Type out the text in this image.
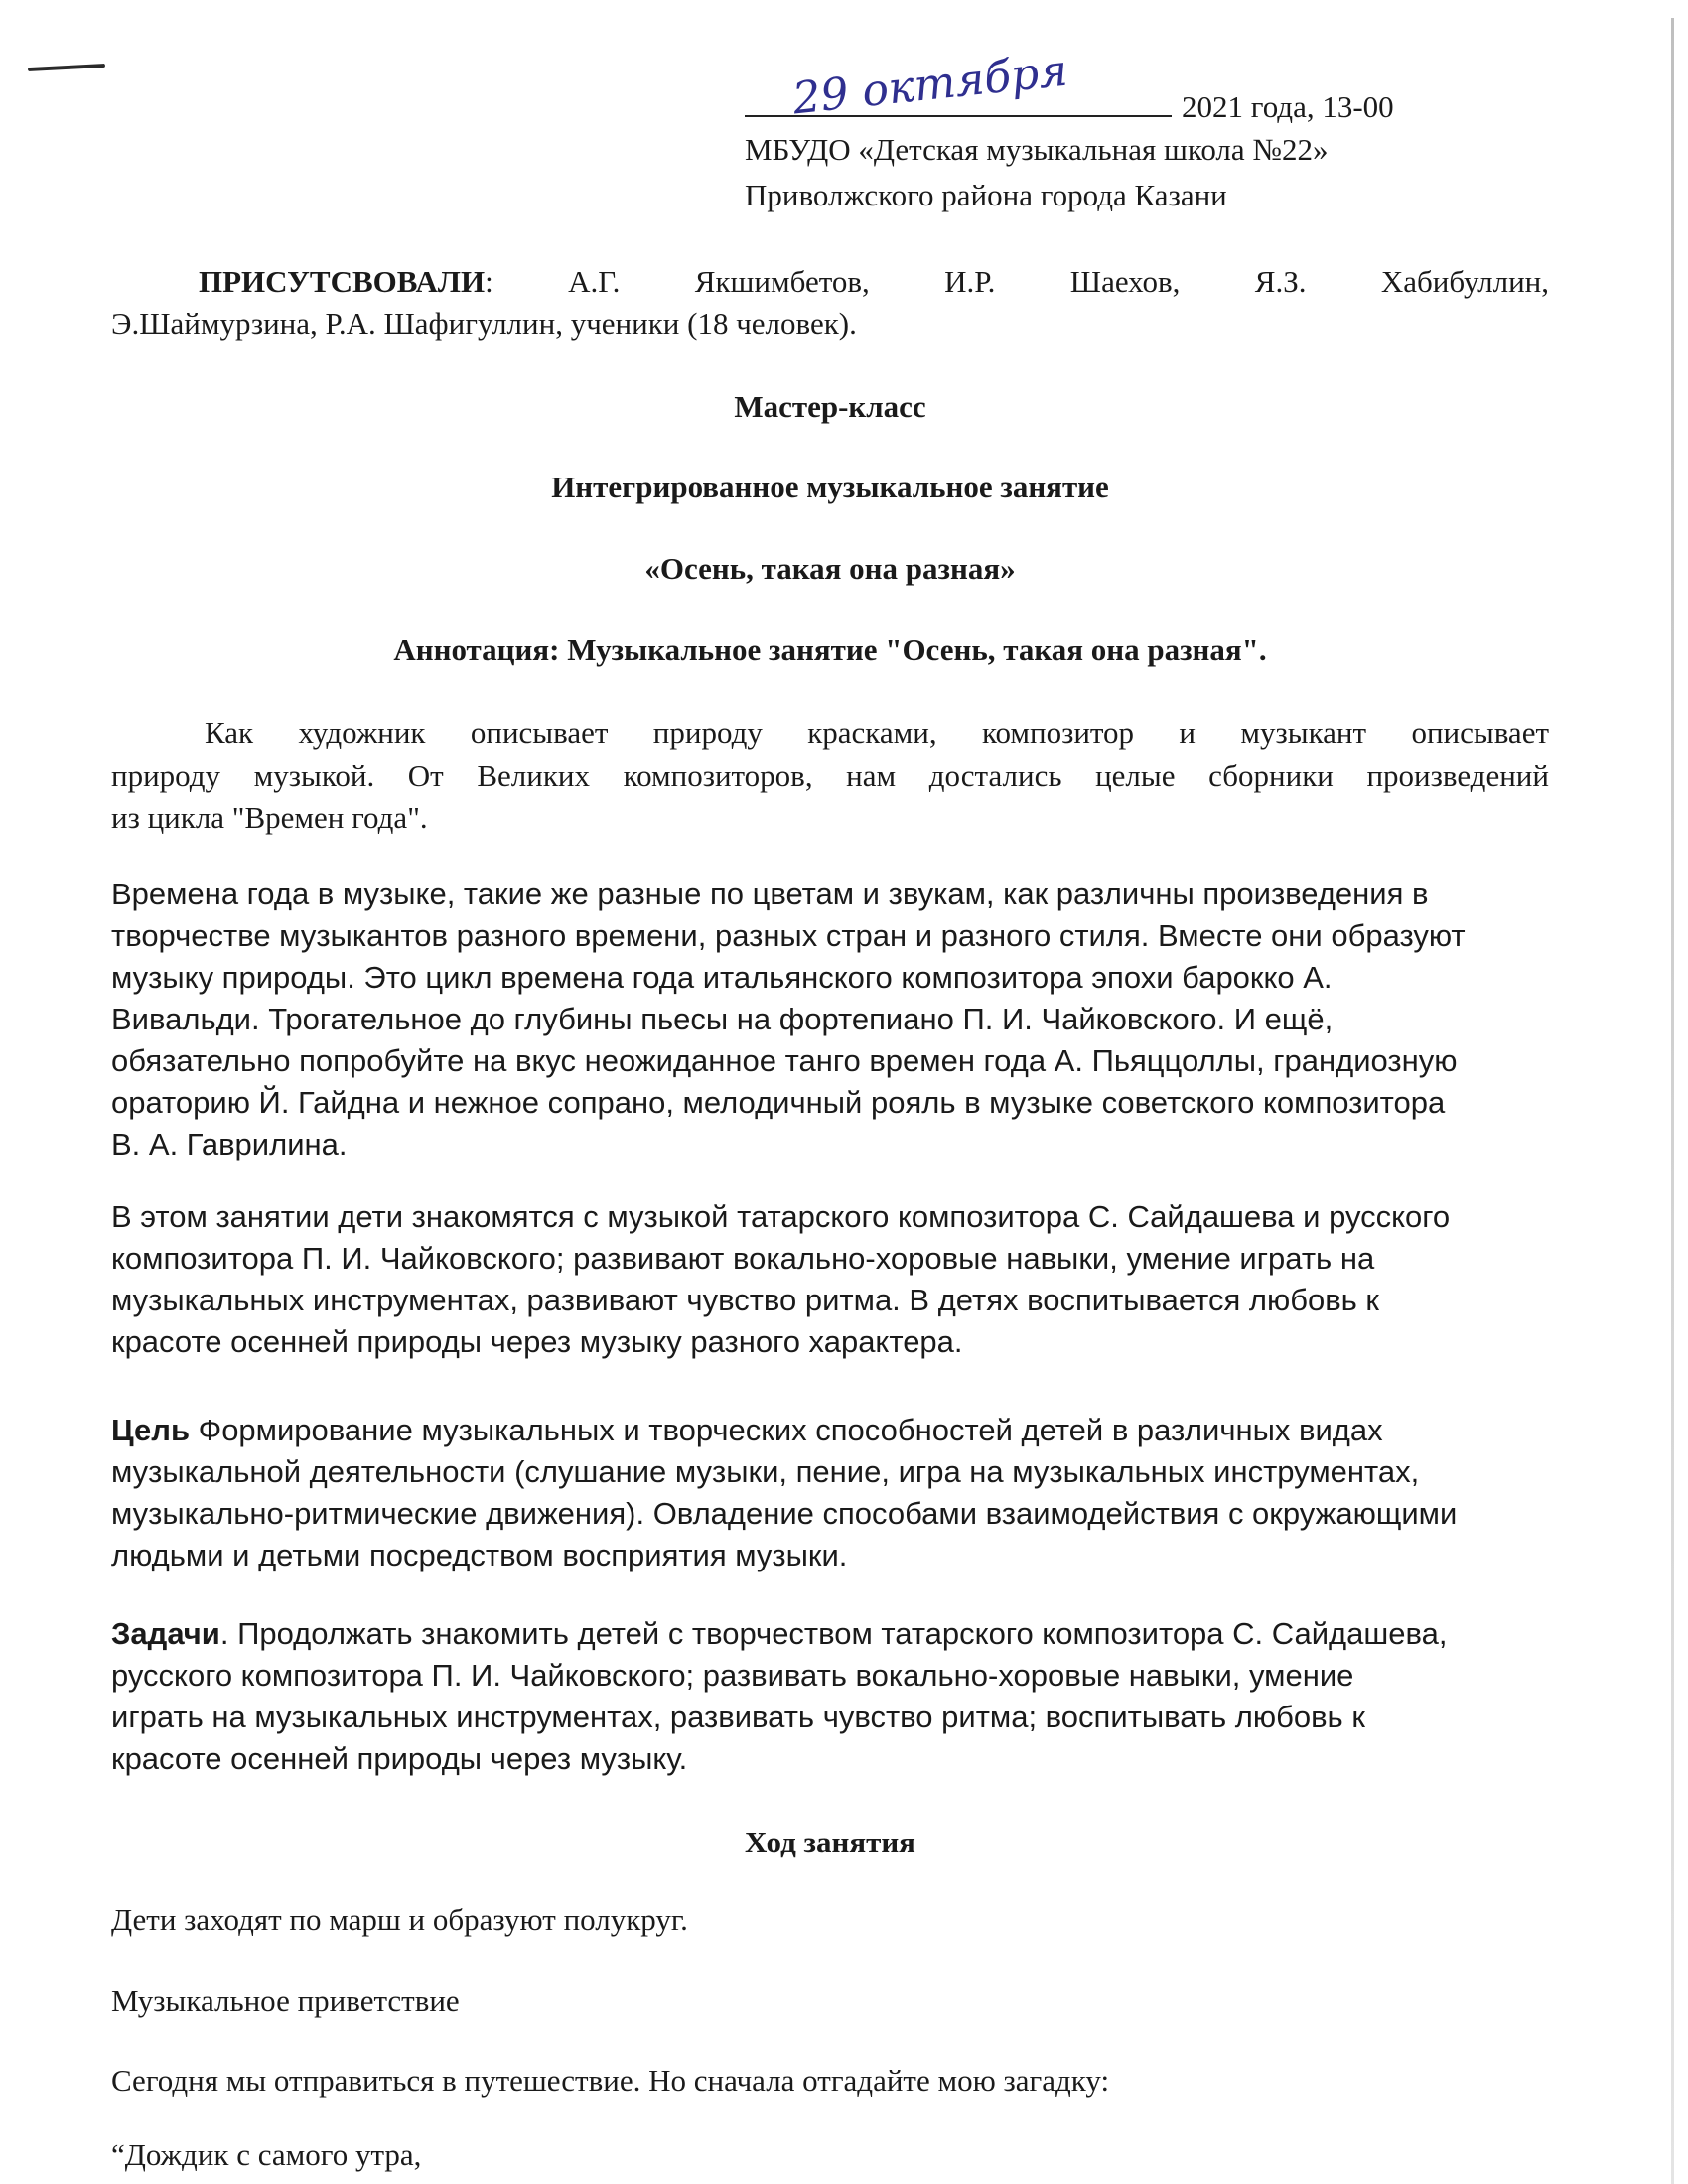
29 октября	2021 года, 13-00
МБУДО «Детская музыкальная школа №22»
Приволжского района города Казани
ПРИСУТСВОВАЛИ: А.Г. Якшимбетов, И.Р. Шаехов, Я.З. Хабибуллин,
Э.Шаймурзина, Р.А. Шафигуллин, ученики (18 человек).
Мастер-класс
Интегрированное музыкальное занятие
«Осень, такая она разная»
Аннотация: Музыкальное занятие "Осень, такая она разная".
Как художник описывает природу красками, композитор и музыкант описывает
природу музыкой. От Великих композиторов, нам достались целые сборники произведений
из цикла "Времен года".
Времена года в музыке, такие же разные по цветам и звукам, как различны произведения в
творчестве музыкантов разного времени, разных стран и разного стиля. Вместе они образуют
музыку природы. Это цикл времена года итальянского композитора эпохи барокко А.
Вивальди. Трогательное до глубины пьесы на фортепиано П. И. Чайковского. И ещё,
обязательно попробуйте на вкус неожиданное танго времен года А. Пьяццоллы, грандиозную
ораторию Й. Гайдна и нежное сопрано, мелодичный рояль в музыке советского композитора
В. А. Гаврилина.
В этом занятии дети знакомятся с музыкой татарского композитора С. Сайдашева и русского
композитора П. И. Чайковского; развивают вокально-хоровые навыки, умение играть на
музыкальных инструментах, развивают чувство ритма. В детях воспитывается любовь к
красоте осенней природы через музыку разного характера.
Цель Формирование музыкальных и творческих способностей детей в различных видах
музыкальной деятельности (слушание музыки, пение, игра на музыкальных инструментах,
музыкально-ритмические движения). Овладение способами взаимодействия с окружающими
людьми и детьми посредством восприятия музыки.
Задачи. Продолжать знакомить детей с творчеством татарского композитора С. Сайдашева,
русского композитора П. И. Чайковского; развивать вокально-хоровые навыки, умение
играть на музыкальных инструментах, развивать чувство ритма; воспитывать любовь к
красоте осенней природы через музыку.
Ход занятия
Дети заходят по марш и образуют полукруг.
Музыкальное приветствие
Сегодня мы отправиться в путешествие. Но сначала отгадайте мою загадку:
“Дождик с самого утра,
